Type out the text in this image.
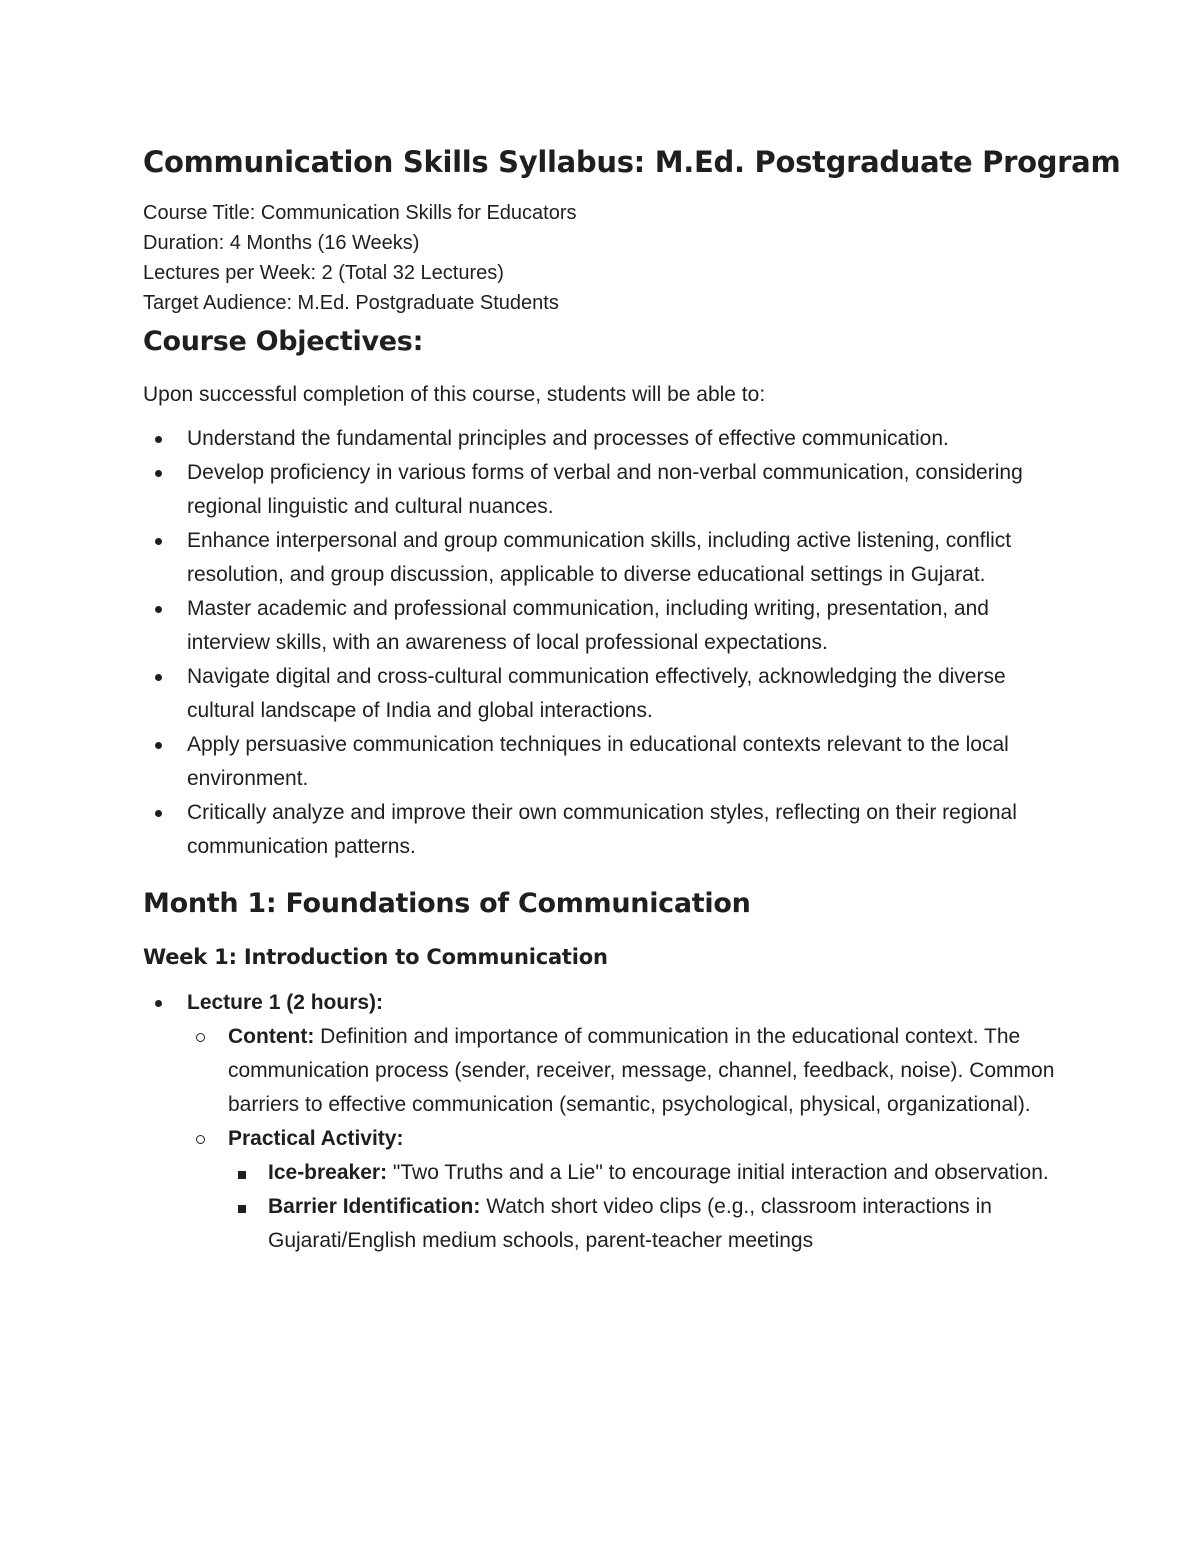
Communication Skills Syllabus: M.Ed. Postgraduate Program

Course Title: Communication Skills for Educators

Duration: 4 Months (16 Weeks)

Lectures per Week: 2 (Total 32 Lectures)

Target Audience: M.Ed. Postgraduate Students

Course Objectives:

Upon successful completion of this course, students will be able to:

Understand the fundamental principles and processes of effective communication.
Develop proficiency in various forms of verbal and non-verbal communication, considering regional linguistic and cultural nuances.
Enhance interpersonal and group communication skills, including active listening, conflict resolution, and group discussion, applicable to diverse educational settings in Gujarat.
Master academic and professional communication, including writing, presentation, and interview skills, with an awareness of local professional expectations.
Navigate digital and cross-cultural communication effectively, acknowledging the diverse cultural landscape of India and global interactions.
Apply persuasive communication techniques in educational contexts relevant to the local environment.
Critically analyze and improve their own communication styles, reflecting on their regional communication patterns.
Month 1: Foundations of Communication
Week 1: Introduction to Communication
Lecture 1 (2 hours):
Content: Definition and importance of communication in the educational context. The communication process (sender, receiver, message, channel, feedback, noise). Common barriers to effective communication (semantic, psychological, physical, organizational).
Practical Activity:
Ice-breaker: "Two Truths and a Lie" to encourage initial interaction and observation.
Barrier Identification: Watch short video clips (e.g., classroom interactions in Gujarati/English medium schools, parent-teacher meetings
